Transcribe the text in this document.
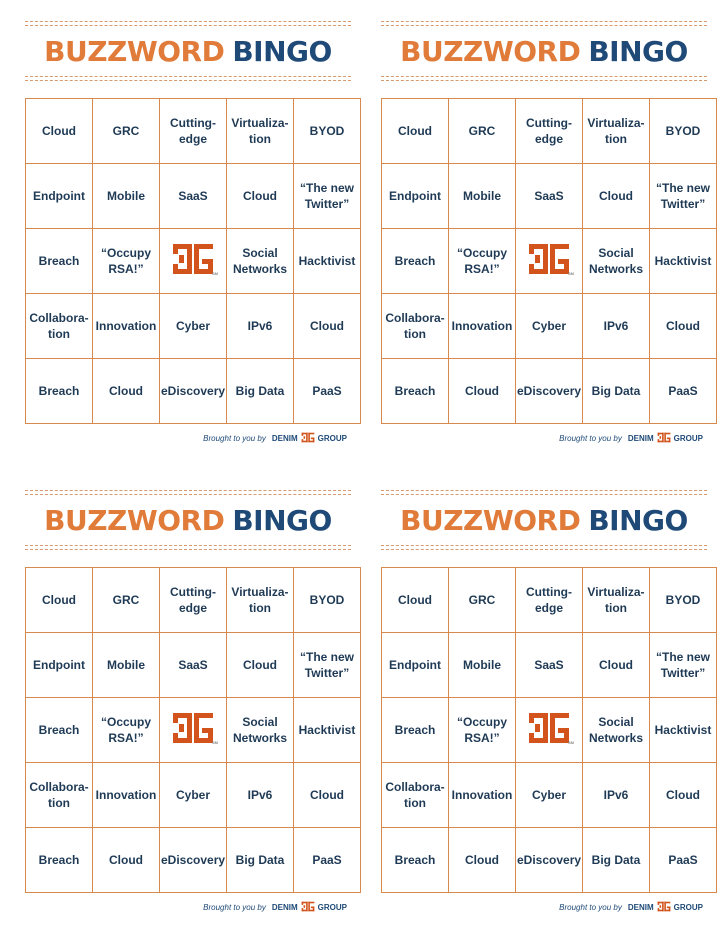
BUZZWORD BINGO
Cloud	GRC	Cutting-edge	Virtualiza-tion	BYOD
Endpoint	Mobile	SaaS	Cloud	“The new Twitter”
Breach	“Occupy RSA!”	SM	Social Networks	Hacktivist
Collabora-tion	Innovation	Cyber	IPv6	Cloud
Breach	Cloud	eDiscovery	Big Data	PaaS
Brought to you by DENIM	GROUP
BUZZWORD BINGO
Cloud	GRC	Cutting-edge	Virtualiza-tion	BYOD
Endpoint	Mobile	SaaS	Cloud	“The new Twitter”
Breach	“Occupy RSA!”	SM	Social Networks	Hacktivist
Collabora-tion	Innovation	Cyber	IPv6	Cloud
Breach	Cloud	eDiscovery	Big Data	PaaS
Brought to you by DENIM	GROUP
BUZZWORD BINGO
Cloud	GRC	Cutting-edge	Virtualiza-tion	BYOD
Endpoint	Mobile	SaaS	Cloud	“The new Twitter”
Breach	“Occupy RSA!”	SM	Social Networks	Hacktivist
Collabora-tion	Innovation	Cyber	IPv6	Cloud
Breach	Cloud	eDiscovery	Big Data	PaaS
Brought to you by DENIM	GROUP
BUZZWORD BINGO
Cloud	GRC	Cutting-edge	Virtualiza-tion	BYOD
Endpoint	Mobile	SaaS	Cloud	“The new Twitter”
Breach	“Occupy RSA!”	SM	Social Networks	Hacktivist
Collabora-tion	Innovation	Cyber	IPv6	Cloud
Breach	Cloud	eDiscovery	Big Data	PaaS
Brought to you by DENIM	GROUP
